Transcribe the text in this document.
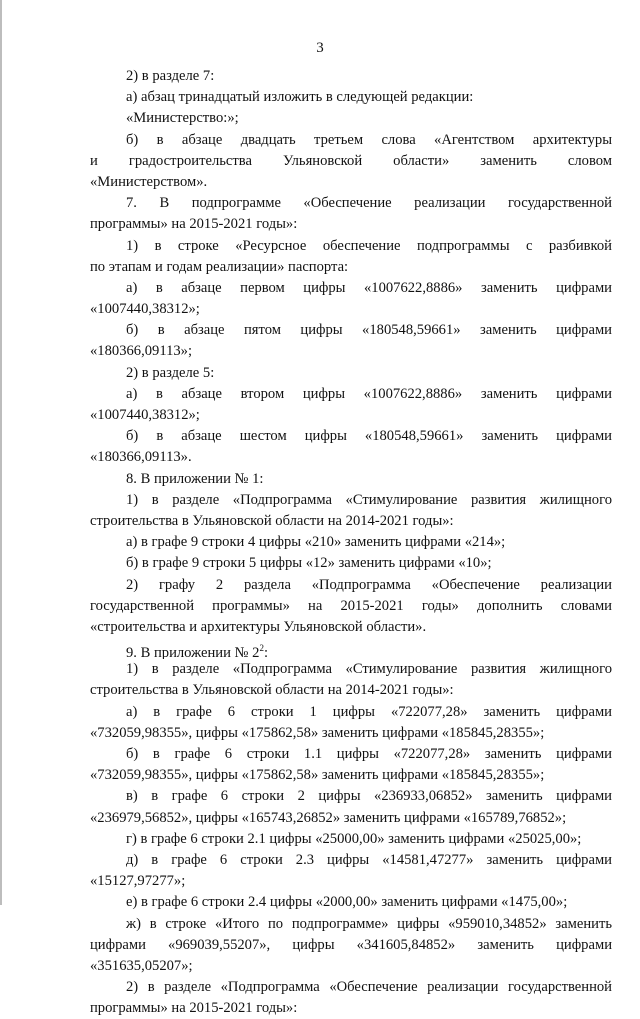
3
2) в разделе 7:
а) абзац тринадцатый изложить в следующей редакции:
«Министерство:»;
б) в абзаце двадцать третьем слова «Агентством архитектуры
и градостроительства Ульяновской области» заменить словом
«Министерством».
7. В подпрограмме «Обеспечение реализации государственной
программы» на 2015-2021 годы»:
1) в строке «Ресурсное обеспечение подпрограммы с разбивкой
по этапам и годам реализации» паспорта:
а) в абзаце первом цифры «1007622,8886» заменить цифрами
«1007440,38312»;
б) в абзаце пятом цифры «180548,59661» заменить цифрами
«180366,09113»;
2) в разделе 5:
а) в абзаце втором цифры «1007622,8886» заменить цифрами
«1007440,38312»;
б) в абзаце шестом цифры «180548,59661» заменить цифрами
«180366,09113».
8. В приложении № 1:
1) в разделе «Подпрограмма «Стимулирование развития жилищного
строительства в Ульяновской области на 2014-2021 годы»:
а) в графе 9 строки 4 цифры «210» заменить цифрами «214»;
б) в графе 9 строки 5 цифры «12» заменить цифрами «10»;
2) графу 2 раздела «Подпрограмма «Обеспечение реализации
государственной программы» на 2015-2021 годы» дополнить словами
«строительства и архитектуры Ульяновской области».
9. В приложении № $2^2$:
1) в разделе «Подпрограмма «Стимулирование развития жилищного
строительства в Ульяновской области на 2014-2021 годы»:
а) в графе 6 строки 1 цифры «722077,28» заменить цифрами
«732059,98355», цифры «175862,58» заменить цифрами «185845,28355»;
б) в графе 6 строки 1.1 цифры «722077,28» заменить цифрами
«732059,98355», цифры «175862,58» заменить цифрами «185845,28355»;
в) в графе 6 строки 2 цифры «236933,06852» заменить цифрами
«236979,56852», цифры «165743,26852» заменить цифрами «165789,76852»;
г) в графе 6 строки 2.1 цифры «25000,00» заменить цифрами «25025,00»;
д) в графе 6 строки 2.3 цифры «14581,47277» заменить цифрами
«15127,97277»;
е) в графе 6 строки 2.4 цифры «2000,00» заменить цифрами «1475,00»;
ж) в строке «Итого по подпрограмме» цифры «959010,34852» заменить
цифрами «969039,55207», цифры «341605,84852» заменить цифрами
«351635,05207»;
2) в разделе «Подпрограмма «Обеспечение реализации государственной
программы» на 2015-2021 годы»:
